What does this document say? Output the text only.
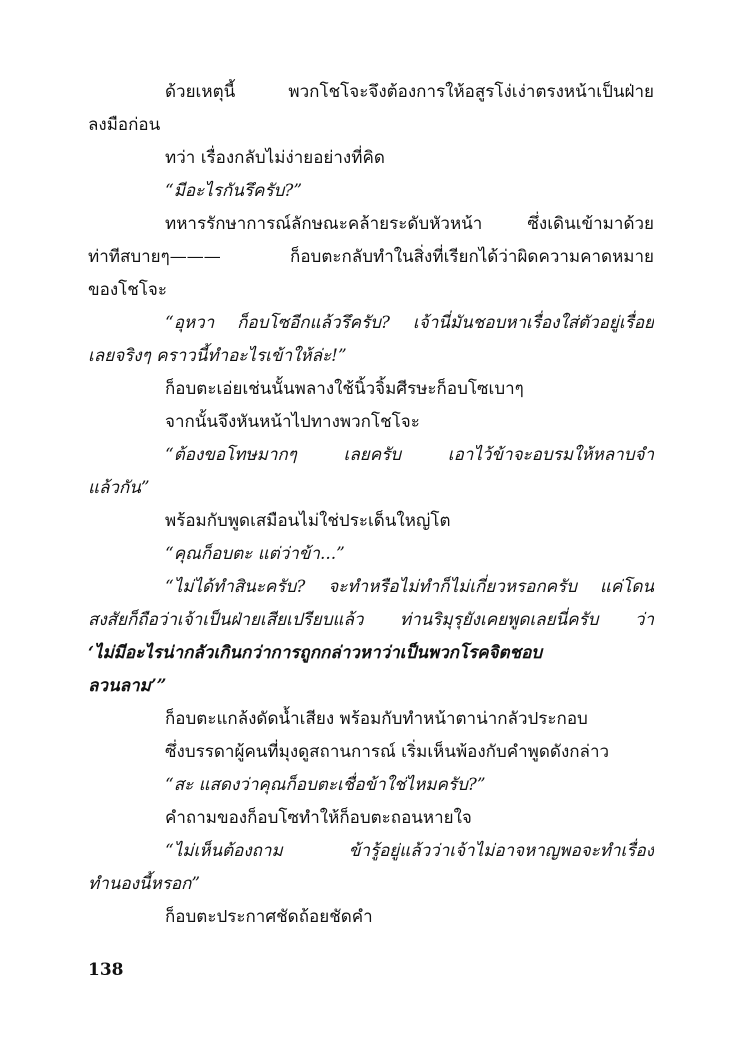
ด้วยเหตุนี้ พวกโชโจะจึงต้องการให้อสูรโง่เง่าตรงหน้าเป็นฝ่าย
ลงมือก่อน
ทว่า เรื่องกลับไม่ง่ายอย่างที่คิด
“มีอะไรกันรึครับ?”
ทหารรักษาการณ์ลักษณะคล้ายระดับหัวหน้า ซึ่งเดินเข้ามาด้วย
ท่าทีสบายๆ——— ก็อบตะกลับทำในสิ่งที่เรียกได้ว่าผิดความคาดหมาย
ของโชโจะ
“อุหวา ก็อบโซอีกแล้วรึครับ? เจ้านี่มันชอบหาเรื่องใส่ตัวอยู่เรื่อย
เลยจริงๆ คราวนี้ทำอะไรเข้าให้ล่ะ!”
ก็อบตะเอ่ยเช่นนั้นพลางใช้นิ้วจิ้มศีรษะก็อบโซเบาๆ
จากนั้นจึงหันหน้าไปทางพวกโชโจะ
“ต้องขอโทษมากๆ เลยครับ เอาไว้ข้าจะอบรมให้หลาบจำ
แล้วกัน”
พร้อมกับพูดเสมือนไม่ใช่ประเด็นใหญ่โต
“คุณก็อบตะ แต่ว่าข้า...”
“ไม่ได้ทำสินะครับ? จะทำหรือไม่ทำก็ไม่เกี่ยวหรอกครับ แค่โดน
สงสัยก็ถือว่าเจ้าเป็นฝ่ายเสียเปรียบแล้ว ท่านริมุรุยังเคยพูดเลยนี่ครับ ว่า
‘ไม่มีอะไรน่ากลัวเกินกว่าการถูกกล่าวหาว่าเป็นพวกโรคจิตชอบ
ลวนลาม’”
ก็อบตะแกล้งดัดน้ำเสียง พร้อมกับทำหน้าตาน่ากลัวประกอบ
ซึ่งบรรดาผู้คนที่มุงดูสถานการณ์ เริ่มเห็นพ้องกับคำพูดดังกล่าว
“สะ แสดงว่าคุณก็อบตะเชื่อข้าใช่ไหมครับ?”
คำถามของก็อบโซทำให้ก็อบตะถอนหายใจ
“ไม่เห็นต้องถาม ข้ารู้อยู่แล้วว่าเจ้าไม่อาจหาญพอจะทำเรื่อง
ทำนองนี้หรอก”
ก็อบตะประกาศชัดถ้อยชัดคำ
138
